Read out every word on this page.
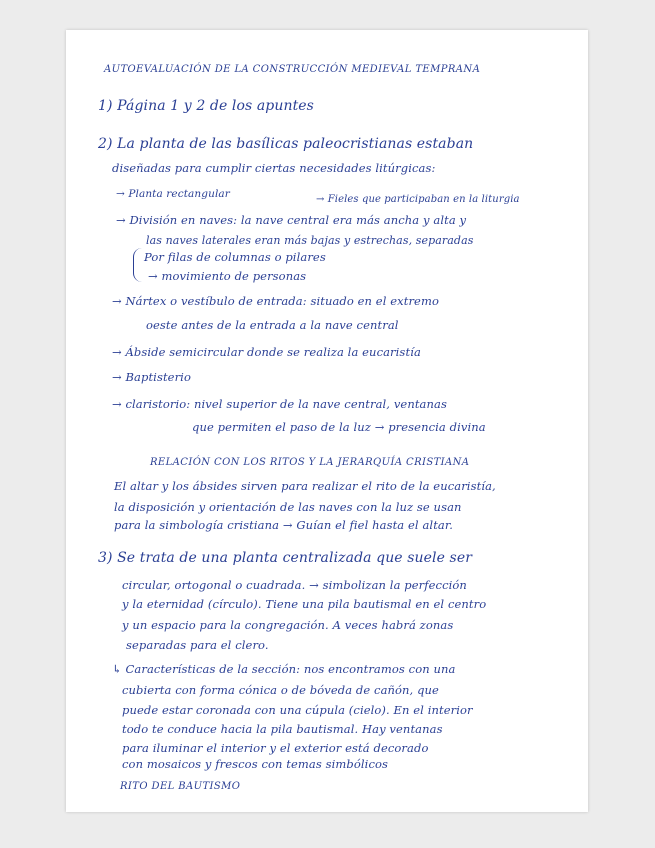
AUTOEVALUACIÓN DE LA CONSTRUCCIÓN MEDIEVAL TEMPRANA
1) Página 1 y 2 de los apuntes
2) La planta de las basílicas paleocristianas estaban
diseñadas para cumplir ciertas necesidades litúrgicas:
→ Planta rectangular	→ Fieles que participaban en la liturgia
→ División en naves: la nave central era más ancha y alta y
las naves laterales eran más bajas y estrechas, separadas
Por filas de columnas o pilares
→ movimiento de personas
→ Nártex o vestíbulo de entrada: situado en el extremo
oeste antes de la entrada a la nave central
→ Ábside semicircular donde se realiza la eucaristía
→ Baptisterio
→ claristorio: nivel superior de la nave central, ventanas
que permiten el paso de la luz → presencia divina
RELACIÓN CON LOS RITOS Y LA JERARQUÍA CRISTIANA
El altar y los ábsides sirven para realizar el rito de la eucaristía,
la disposición y orientación de las naves con la luz se usan
para la simbología cristiana → Guían el fiel hasta el altar.
3) Se trata de una planta centralizada que suele ser
circular, ortogonal o cuadrada. → simbolizan la perfección
y la eternidad (círculo). Tiene una pila bautismal en el centro
y un espacio para la congregación. A veces habrá zonas
separadas para el clero.
↳ Características de la sección: nos encontramos con una
cubierta con forma cónica o de bóveda de cañón, que
puede estar coronada con una cúpula (cielo). En el interior
todo te conduce hacia la pila bautismal. Hay ventanas
para iluminar el interior y el exterior está decorado
con mosaicos y frescos con temas simbólicos
RITO DEL BAUTISMO
